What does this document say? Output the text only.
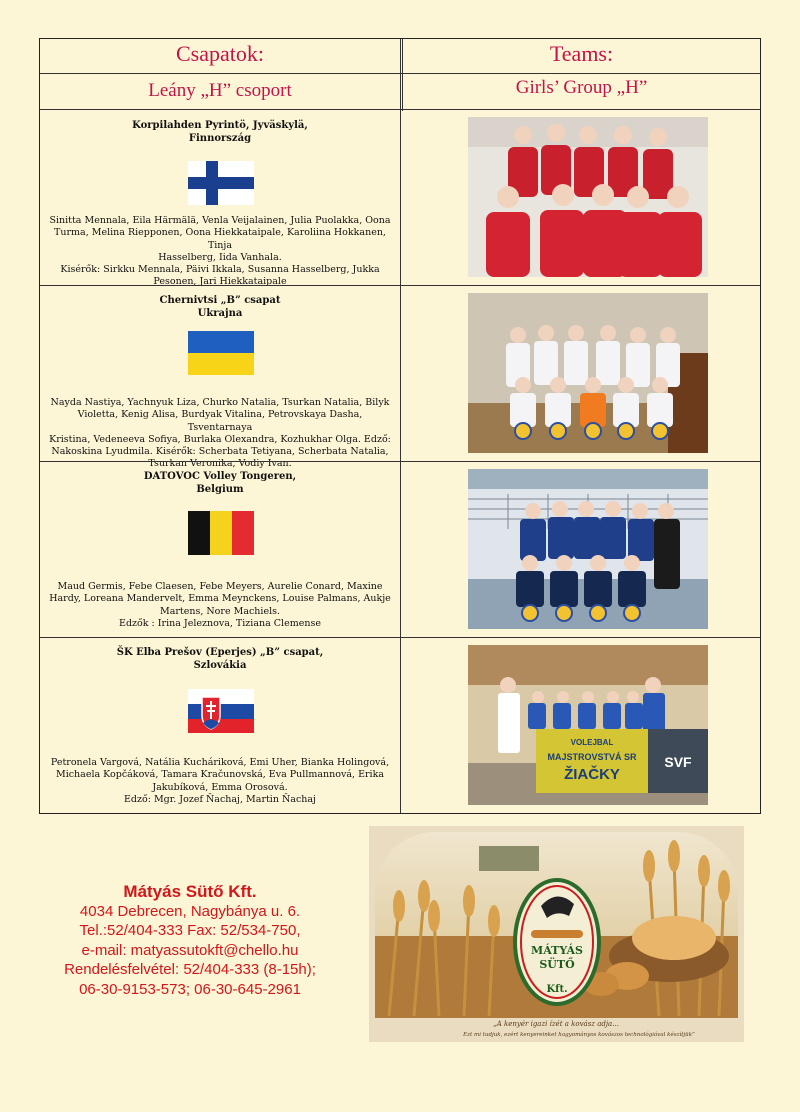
Csapatok:	Teams:
Leány „H” csoport	Girls’ Group „H”
Korpilahden Pyrintö, Jyväskylä,
Finnország
Sinitta Mennala, Eila Härmälä, Venla Veijalainen, Julia Puolakka, Oona
Turma, Melina Riepponen, Oona Hiekkataipale, Karoliina Hokkanen, Tinja
Hasselberg, Iida Vanhala.
Kisérők: Sirkku Mennala, Päivi Ikkala, Susanna Hasselberg, Jukka
Pesonen, Jari Hiekkataipale
Chernivtsi „B” csapat
Ukrajna
Nayda Nastiya, Yachnyuk Liza, Churko Natalia, Tsurkan Natalia, Bilyk
Violetta, Kenig Alisa, Burdyak Vitalina, Petrovskaya Dasha, Tsventarnaya
Kristina, Vedeneeva Sofiya, Burlaka Olexandra, Kozhukhar Olga. Edző:
Nakoskina Lyudmila. Kisérők: Scherbata Tetiyana, Scherbata Natalia,
Tsurkan Veronika, Vodiy Ivan.
DATOVOC Volley Tongeren,
Belgium
Maud Germis, Febe Claesen, Febe Meyers, Aurelie Conard, Maxine
Hardy, Loreana Mandervelt, Emma Meynckens, Louise Palmans, Aukje
Martens, Nore Machiels.
Edzők : Irina Jeleznova, Tiziana Clemense
ŠK Elba Prešov (Eperjes) „B” csapat,
Szlovákia
Petronela Vargová, Natália Kucháriková, Emi Uher, Bianka Holingová,
Michaela Kopčáková, Tamara Kračunovská, Eva Pullmannová, Erika
Jakubíková, Emma Orosová.
Edző: Mgr. Jozef Ňachaj, Martin Ňachaj
VOLEJBAL
MAJSTROVSTVÁ SR
ŽIAČKY
SVF
Mátyás Sütő Kft.
4034 Debrecen, Nagybánya u. 6.
Tel.:52/404-333 Fax: 52/534-750,
e-mail: matyassutokft@chello.hu
Rendelésfelvétel: 52/404-333 (8-15h);
06-30-9153-573; 06-30-645-2961
MÁTYÁS
SÜTŐ
Kft.
„A kenyér igazi ízét a kovász adja...
Ezt mi tudjuk, ezért kenyereinket hagyományos kovászos technológiával készítjük”
